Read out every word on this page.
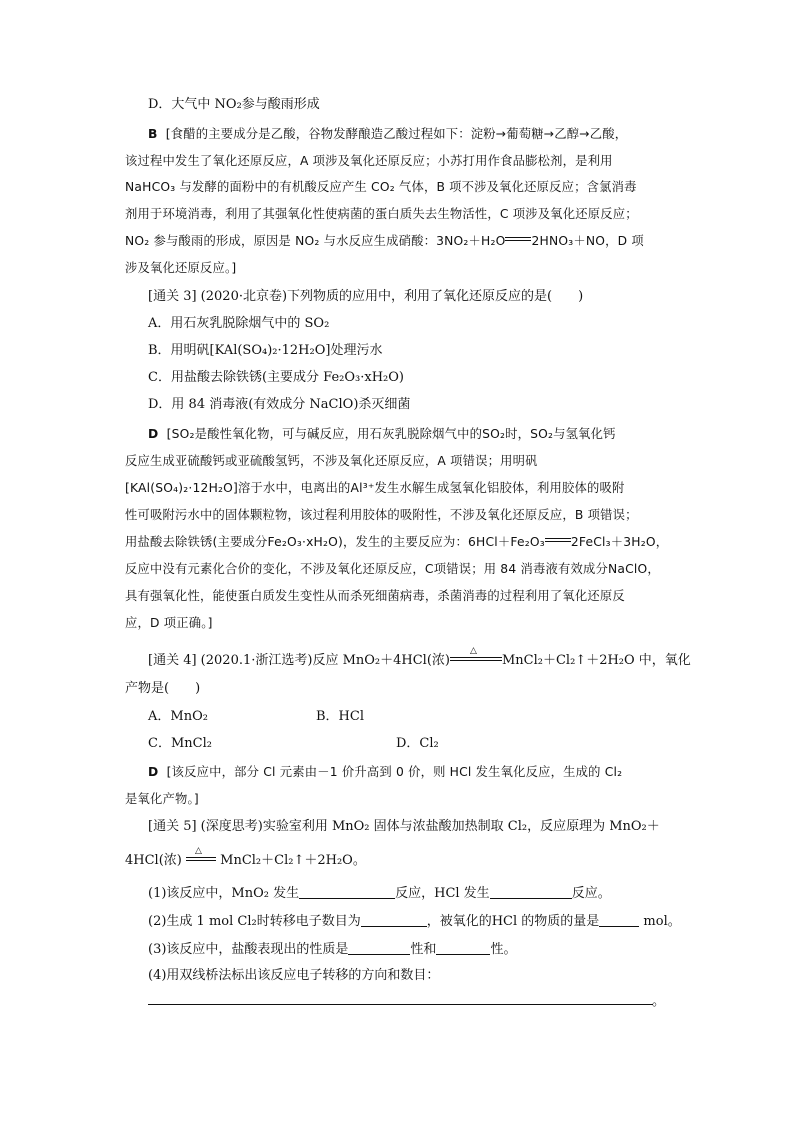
D．大气中 NO₂参与酸雨形成
B [食醋的主要成分是乙酸，谷物发酵酿造乙酸过程如下：淀粉→葡萄糖→乙醇→乙酸，
该过程中发生了氧化还原反应，A 项涉及氧化还原反应；小苏打用作食品膨松剂，是利用
NaHCO₃ 与发酵的面粉中的有机酸反应产生 CO₂ 气体，B 项不涉及氧化还原反应；含氯消毒
剂用于环境消毒，利用了其强氧化性使病菌的蛋白质失去生物活性，C 项涉及氧化还原反应；
NO₂ 参与酸雨的形成，原因是 NO₂ 与水反应生成硝酸：3NO₂＋H₂O 2HNO₃＋NO，D 项
涉及氧化还原反应。]
[通关 3] (2020·北京卷)下列物质的应用中，利用了氧化还原反应的是(　　)
A．用石灰乳脱除烟气中的 SO₂
B．用明矾[KAl(SO₄)₂·12H₂O]处理污水
C．用盐酸去除铁锈(主要成分 Fe₂O₃·xH₂O)
D．用 84 消毒液(有效成分 NaClO)杀灭细菌
D [SO₂是酸性氧化物，可与碱反应，用石灰乳脱除烟气中的SO₂时，SO₂与氢氧化钙
反应生成亚硫酸钙或亚硫酸氢钙，不涉及氧化还原反应，A 项错误；用明矾
[KAl(SO₄)₂·12H₂O]溶于水中，电离出的Al³⁺发生水解生成氢氧化铝胶体，利用胶体的吸附
性可吸附污水中的固体颗粒物，该过程利用胶体的吸附性，不涉及氧化还原反应，B 项错误；
用盐酸去除铁锈(主要成分Fe₂O₃·xH₂O)，发生的主要反应为：6HCl＋Fe₂O₃ 2FeCl₃＋3H₂O，
反应中没有元素化合价的变化，不涉及氧化还原反应，C项错误；用 84 消毒液有效成分NaClO，
具有强氧化性，能使蛋白质发生变性从而杀死细菌病毒，杀菌消毒的过程利用了氧化还原反
应，D 项正确。]
[通关 4] (2020.1·浙江选考)反应 MnO₂＋4HCl(浓)
△
MnCl₂＋Cl₂↑＋2H₂O 中，氧化
产物是(　　)
A．MnO₂	B．HCl
C．MnCl₂	D．Cl₂
D [该反应中，部分 Cl 元素由－1 价升高到 0 价，则 HCl 发生氧化反应，生成的 Cl₂
是氧化产物。]
[通关 5] (深度思考)实验室利用 MnO₂ 固体与浓盐酸加热制取 Cl₂，反应原理为 MnO₂＋
4HCl(浓)
△
MnCl₂＋Cl₂↑＋2H₂O。
(1)该反应中，MnO₂ 发生	反应，HCl 发生	反应。
(2)生成 1 mol Cl₂时转移电子数目为	，被氧化的HCl 的物质的量是	mol。
(3)该反应中，盐酸表现出的性质是	性和	性。
(4)用双线桥法标出该反应电子转移的方向和数目：
。
